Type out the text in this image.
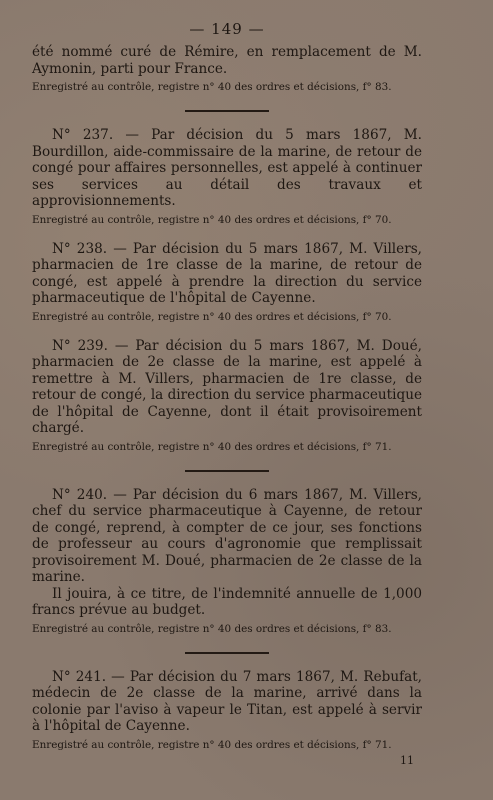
— 149 —

été nommé curé de Rémire, en remplacement de M. Aymonin, parti pour France.

Enregistré au contrôle, registre n° 40 des ordres et décisions, f° 83.

N° 237. — Par décision du 5 mars 1867, M. Bourdillon, aide-commissaire de la marine, de retour de congé pour affaires personnelles, est appelé à continuer ses services au détail des travaux et approvisionnements.

Enregistré au contrôle, registre n° 40 des ordres et décisions, f° 70.

N° 238. — Par décision du 5 mars 1867, M. Villers, pharmacien de 1re classe de la marine, de retour de congé, est appelé à prendre la direction du service pharmaceutique de l'hôpital de Cayenne.

Enregistré au contrôle, registre n° 40 des ordres et décisions, f° 70.

N° 239. — Par décision du 5 mars 1867, M. Doué, pharmacien de 2e classe de la marine, est appelé à remettre à M. Villers, pharmacien de 1re classe, de retour de congé, la direction du service pharmaceutique de l'hôpital de Cayenne, dont il était provisoirement chargé.

Enregistré au contrôle, registre n° 40 des ordres et décisions, f° 71.

N° 240. — Par décision du 6 mars 1867, M. Villers, chef du service pharmaceutique à Cayenne, de retour de congé, reprend, à compter de ce jour, ses fonctions de professeur au cours d'agronomie que remplissait provisoirement M. Doué, pharmacien de 2e classe de la marine.

Il jouira, à ce titre, de l'indemnité annuelle de 1,000 francs prévue au budget.

Enregistré au contrôle, registre n° 40 des ordres et décisions, f° 83.

N° 241. — Par décision du 7 mars 1867, M. Rebufat, médecin de 2e classe de la marine, arrivé dans la colonie par l'aviso à vapeur le Titan, est appelé à servir à l'hôpital de Cayenne.

Enregistré au contrôle, registre n° 40 des ordres et décisions, f° 71.

11
